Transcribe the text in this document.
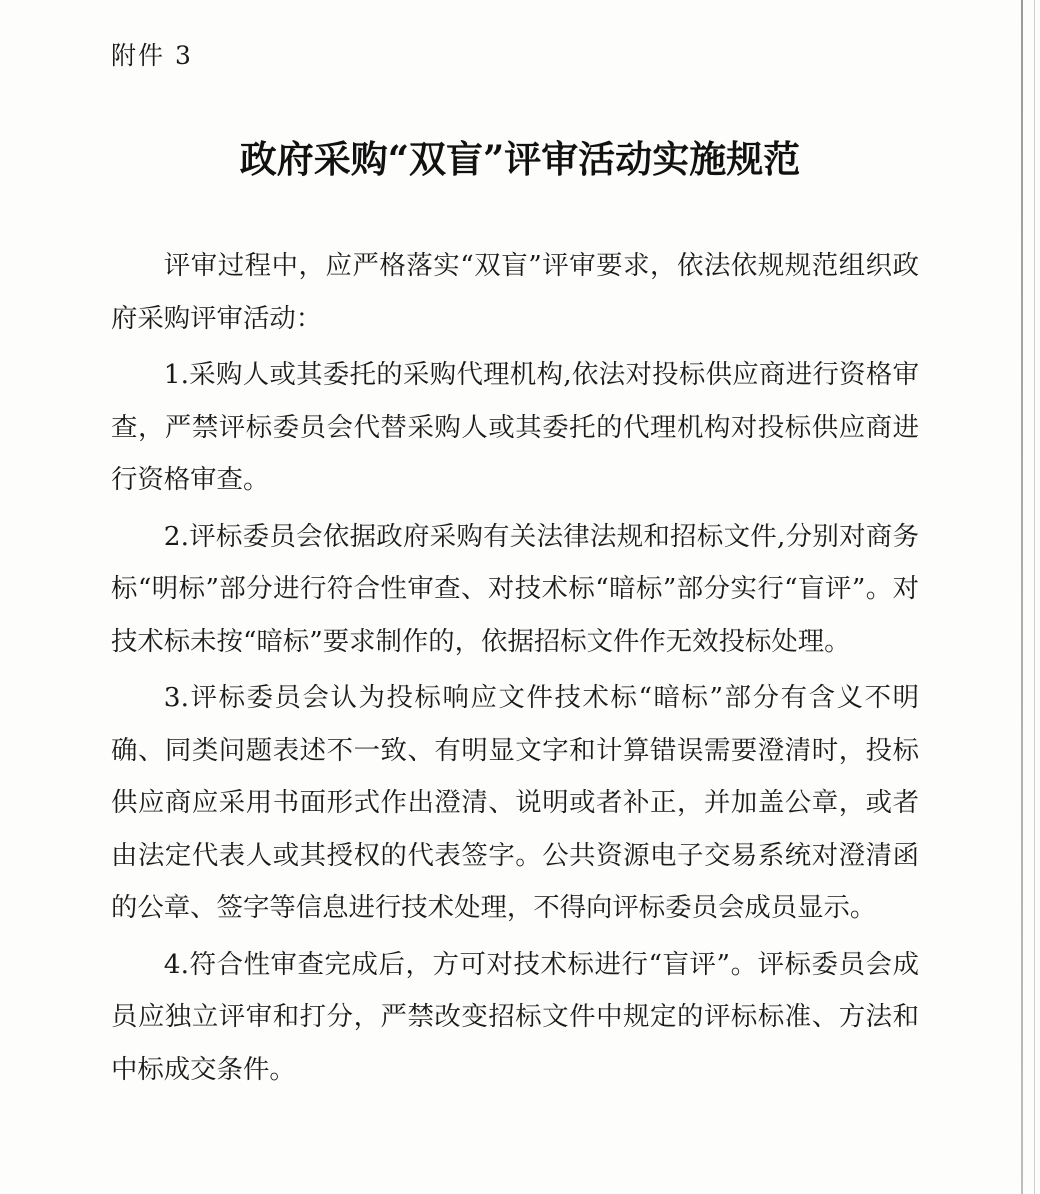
附件 3
政府采购“双盲”评审活动实施规范

评审过程中，应严格落实“双盲”评审要求，依法依规规范组织政府采购评审活动：

1.采购人或其委托的采购代理机构,依法对投标供应商进行资格审查，严禁评标委员会代替采购人或其委托的代理机构对投标供应商进行资格审查。

2.评标委员会依据政府采购有关法律法规和招标文件,分别对商务标“明标”部分进行符合性审查、对技术标“暗标”部分实行“盲评”。对技术标未按“暗标”要求制作的，依据招标文件作无效投标处理。

3.评标委员会认为投标响应文件技术标“暗标”部分有含义不明确、同类问题表述不一致、有明显文字和计算错误需要澄清时，投标供应商应采用书面形式作出澄清、说明或者补正，并加盖公章，或者由法定代表人或其授权的代表签字。公共资源电子交易系统对澄清函的公章、签字等信息进行技术处理，不得向评标委员会成员显示。

4.符合性审查完成后，方可对技术标进行“盲评”。评标委员会成员应独立评审和打分，严禁改变招标文件中规定的评标标准、方法和中标成交条件。
